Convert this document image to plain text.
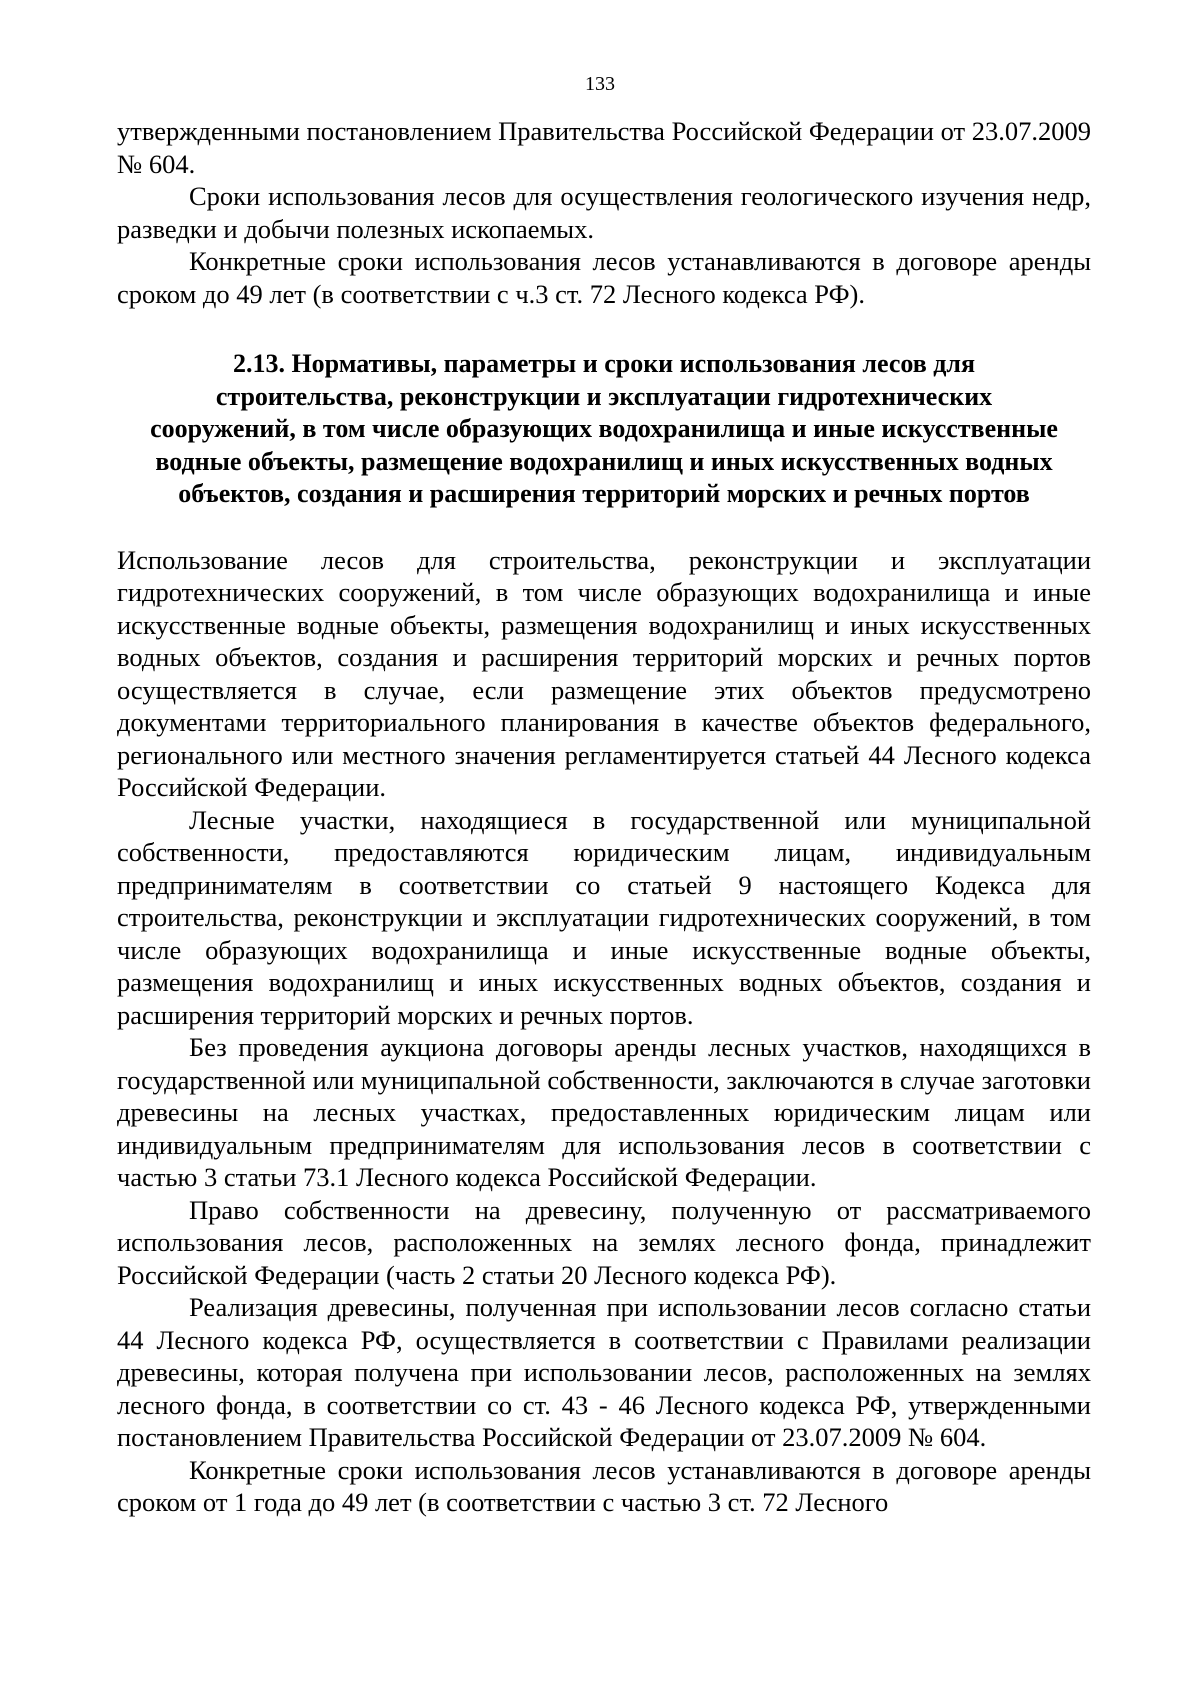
133

утвержденными постановлением Правительства Российской Федерации от 23.07.2009 № 604.

Сроки использования лесов для осуществления геологического изучения недр, разведки и добычи полезных ископаемых.

Конкретные сроки использования лесов устанавливаются в договоре аренды сроком до 49 лет (в соответствии с ч.3 ст. 72 Лесного кодекса РФ).

2.13. Нормативы, параметры и сроки использования лесов для строительства, реконструкции и эксплуатации гидротехнических сооружений, в том числе образующих водохранилища и иные искусственные водные объекты, размещение водохранилищ и иных искусственных водных объектов, создания и расширения территорий морских и речных портов

Использование лесов для строительства, реконструкции и эксплуатации гидротехнических сооружений, в том числе образующих водохранилища и иные искусственные водные объекты, размещения водохранилищ и иных искусственных водных объектов, создания и расширения территорий морских и речных портов осуществляется в случае, если размещение этих объектов предусмотрено документами территориального планирования в качестве объектов федерального, регионального или местного значения регламентируется статьей 44 Лесного кодекса Российской Федерации.

Лесные участки, находящиеся в государственной или муниципальной собственности, предоставляются юридическим лицам, индивидуальным предпринимателям в соответствии со статьей 9 настоящего Кодекса для строительства, реконструкции и эксплуатации гидротехнических сооружений, в том числе образующих водохранилища и иные искусственные водные объекты, размещения водохранилищ и иных искусственных водных объектов, создания и расширения территорий морских и речных портов.

Без проведения аукциона договоры аренды лесных участков, находящихся в государственной или муниципальной собственности, заключаются в случае заготовки древесины на лесных участках, предоставленных юридическим лицам или индивидуальным предпринимателям для использования лесов в соответствии с частью 3 статьи 73.1 Лесного кодекса Российской Федерации.

Право собственности на древесину, полученную от рассматриваемого использования лесов, расположенных на землях лесного фонда, принадлежит Российской Федерации (часть 2 статьи 20 Лесного кодекса РФ).

Реализация древесины, полученная при использовании лесов согласно статьи 44 Лесного кодекса РФ, осуществляется в соответствии с Правилами реализации древесины, которая получена при использовании лесов, расположенных на землях лесного фонда, в соответствии со ст. 43 - 46 Лесного кодекса РФ, утвержденными постановлением Правительства Российской Федерации от 23.07.2009 № 604.

Конкретные сроки использования лесов устанавливаются в договоре аренды сроком от 1 года до 49 лет (в соответствии с частью 3 ст. 72 Лесного
